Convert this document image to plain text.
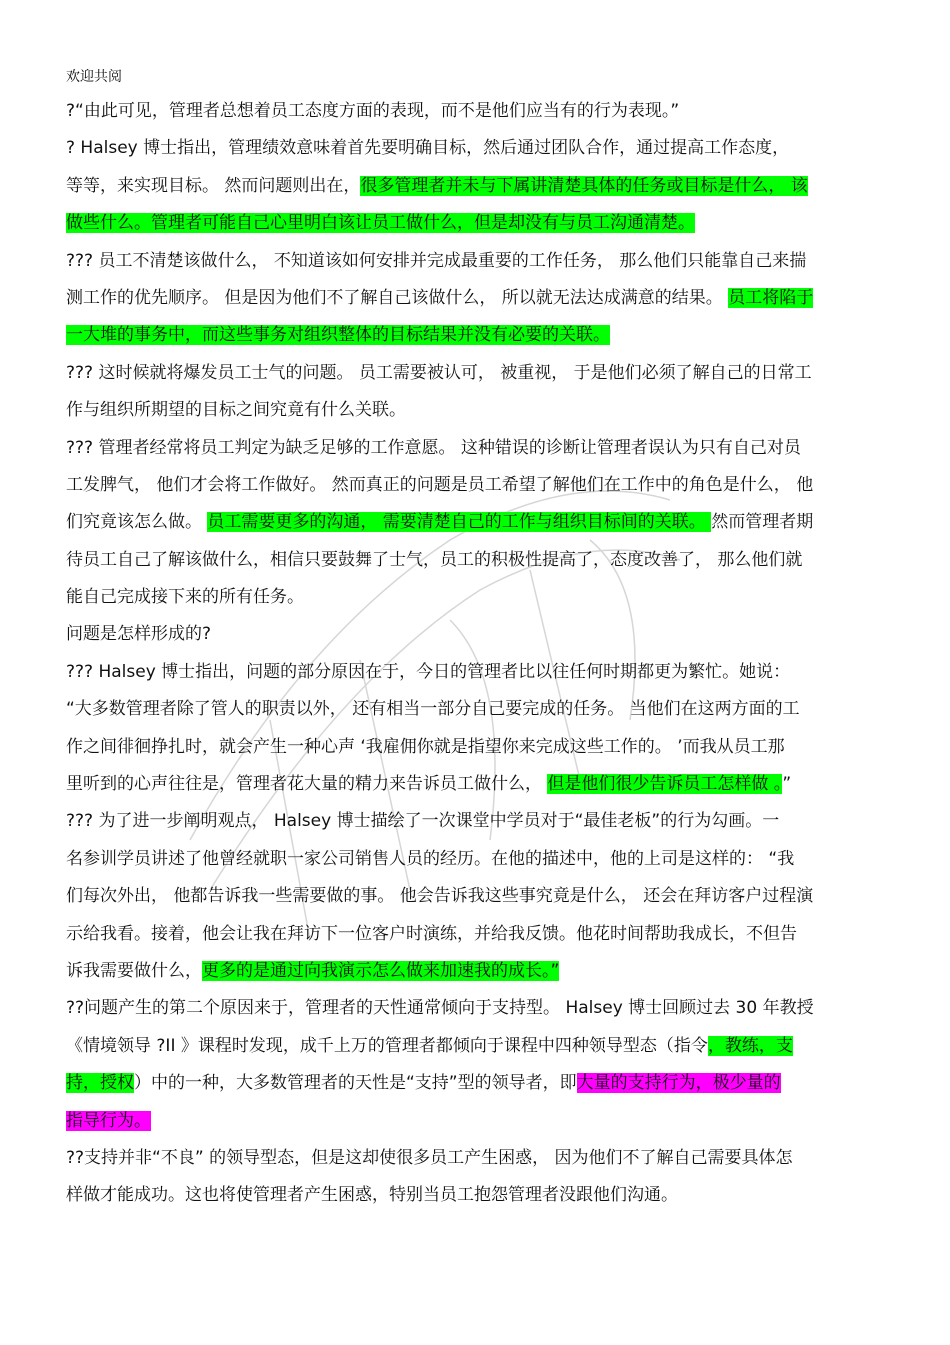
欢迎共阅
?“由此可见，管理者总想着员工态度方面的表现，而不是他们应当有的行为表现。”
? Halsey 博士指出，管理绩效意味着首先要明确目标，然后通过团队合作，通过提高工作态度，
等等，来实现目标。 然而问题则出在，很多管理者并未与下属讲清楚具体的任务或目标是什么， 该
做些什么。管理者可能自己心里明白该让员工做什么，但是却没有与员工沟通清楚。
??? 员工不清楚该做什么， 不知道该如何安排并完成最重要的工作任务， 那么他们只能靠自己来揣
测工作的优先顺序。 但是因为他们不了解自己该做什么， 所以就无法达成满意的结果。 员工将陷于
一大堆的事务中，而这些事务对组织整体的目标结果并没有必要的关联。
??? 这时候就将爆发员工士气的问题。 员工需要被认可， 被重视， 于是他们必须了解自己的日常工
作与组织所期望的目标之间究竟有什么关联。
??? 管理者经常将员工判定为缺乏足够的工作意愿。 这种错误的诊断让管理者误认为只有自己对员
工发脾气， 他们才会将工作做好。 然而真正的问题是员工希望了解他们在工作中的角色是什么， 他
们究竟该怎么做。 员工需要更多的沟通， 需要清楚自己的工作与组织目标间的关联。 然而管理者期
待员工自己了解该做什么，相信只要鼓舞了士气，员工的积极性提高了，态度改善了， 那么他们就
能自己完成接下来的所有任务。
问题是怎样形成的?
??? Halsey 博士指出，问题的部分原因在于，今日的管理者比以往任何时期都更为繁忙。她说：
“大多数管理者除了管人的职责以外， 还有相当一部分自己要完成的任务。 当他们在这两方面的工
作之间徘徊挣扎时，就会产生一种心声 ‘我雇佣你就是指望你来完成这些工作的。 ’而我从员工那
里听到的心声往往是，管理者花大量的精力来告诉员工做什么， 但是他们很少告诉员工怎样做 。”
??? 为了进一步阐明观点， Halsey 博士描绘了一次课堂中学员对于“最佳老板”的行为勾画。一
名参训学员讲述了他曾经就职一家公司销售人员的经历。在他的描述中，他的上司是这样的： “我
们每次外出， 他都告诉我一些需要做的事。 他会告诉我这些事究竟是什么， 还会在拜访客户过程演
示给我看。接着，他会让我在拜访下一位客户时演练，并给我反馈。他花时间帮助我成长，不但告
诉我需要做什么，更多的是通过向我演示怎么做来加速我的成长。”
??问题产生的第二个原因来于，管理者的天性通常倾向于支持型。 Halsey 博士回顾过去 30 年教授
《情境领导 ?II 》课程时发现，成千上万的管理者都倾向于课程中四种领导型态（指令，教练，支
持，授权）中的一种，大多数管理者的天性是“支持”型的领导者，即大量的支持行为，极少量的
指导行为。
??支持并非“不良” 的领导型态，但是这却使很多员工产生困惑， 因为他们不了解自己需要具体怎
样做才能成功。这也将使管理者产生困惑，特别当员工抱怨管理者没跟他们沟通。
